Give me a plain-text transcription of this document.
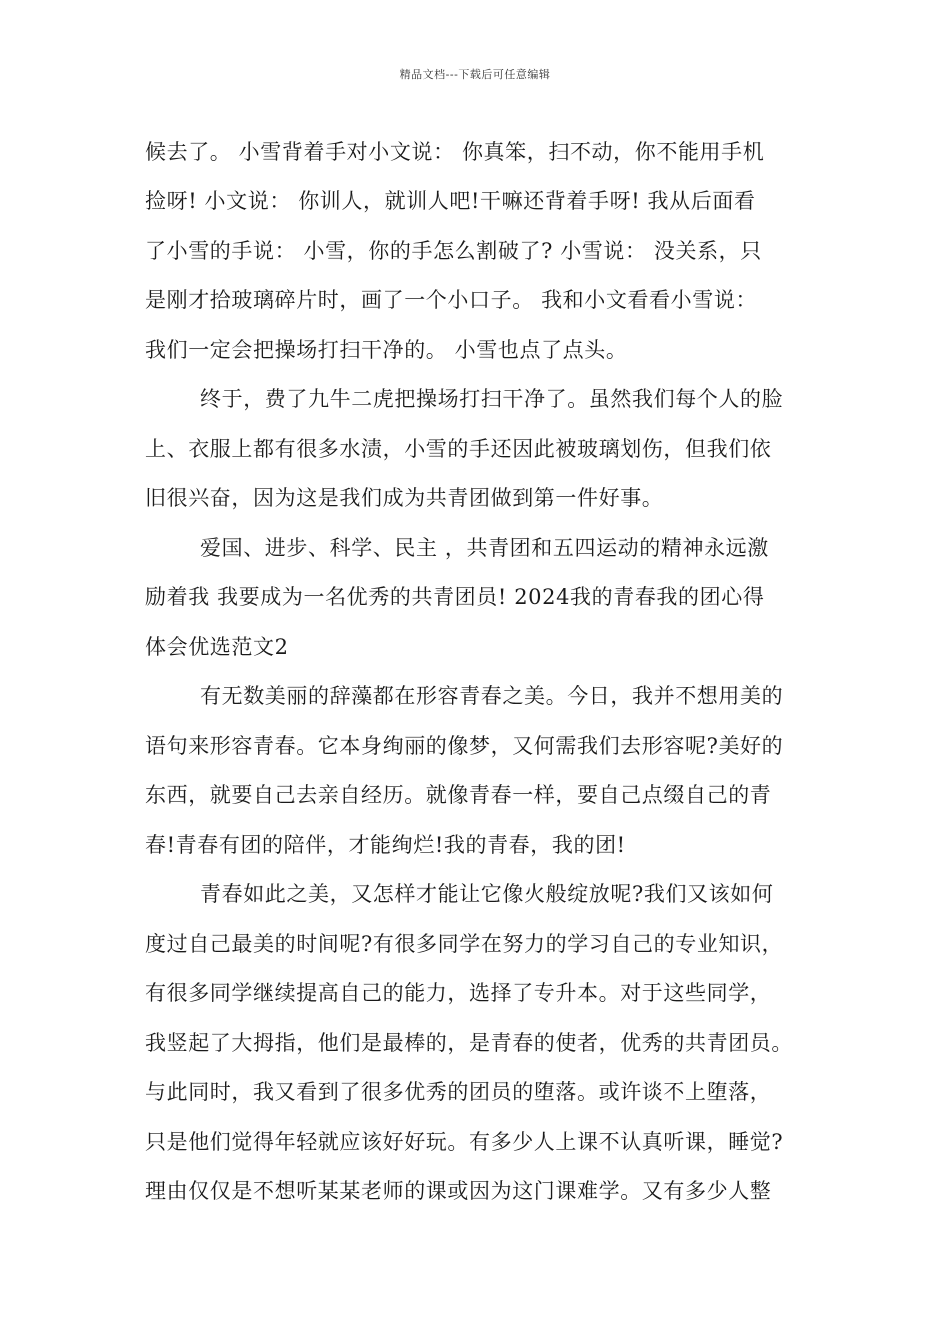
精品文档---下载后可任意编辑
候去了。 小雪背着手对小文说： 你真笨，扫不动，你不能用手机
捡呀! 小文说： 你训人，就训人吧!干嘛还背着手呀! 我从后面看
了小雪的手说： 小雪，你的手怎么割破了? 小雪说： 没关系，只
是刚才拾玻璃碎片时，画了一个小口子。 我和小文看看小雪说：
我们一定会把操场打扫干净的。 小雪也点了点头。
终于，费了九牛二虎把操场打扫干净了。虽然我们每个人的脸
上、衣服上都有很多水渍，小雪的手还因此被玻璃划伤，但我们依
旧很兴奋，因为这是我们成为共青团做到第一件好事。
爱国、进步、科学、民主 ，共青团和五四运动的精神永远激
励着我 我要成为一名优秀的共青团员! 2024我的青春我的团心得
体会优选范文2
有无数美丽的辞藻都在形容青春之美。今日，我并不想用美的
语句来形容青春。它本身绚丽的像梦，又何需我们去形容呢?美好的
东西，就要自己去亲自经历。就像青春一样，要自己点缀自己的青
春!青春有团的陪伴，才能绚烂!我的青春，我的团!
青春如此之美，又怎样才能让它像火般绽放呢?我们又该如何
度过自己最美的时间呢?有很多同学在努力的学习自己的专业知识，
有很多同学继续提高自己的能力，选择了专升本。对于这些同学，
我竖起了大拇指，他们是最棒的，是青春的使者，优秀的共青团员。
与此同时，我又看到了很多优秀的团员的堕落。或许谈不上堕落，
只是他们觉得年轻就应该好好玩。有多少人上课不认真听课，睡觉?
理由仅仅是不想听某某老师的课或因为这门课难学。又有多少人整
